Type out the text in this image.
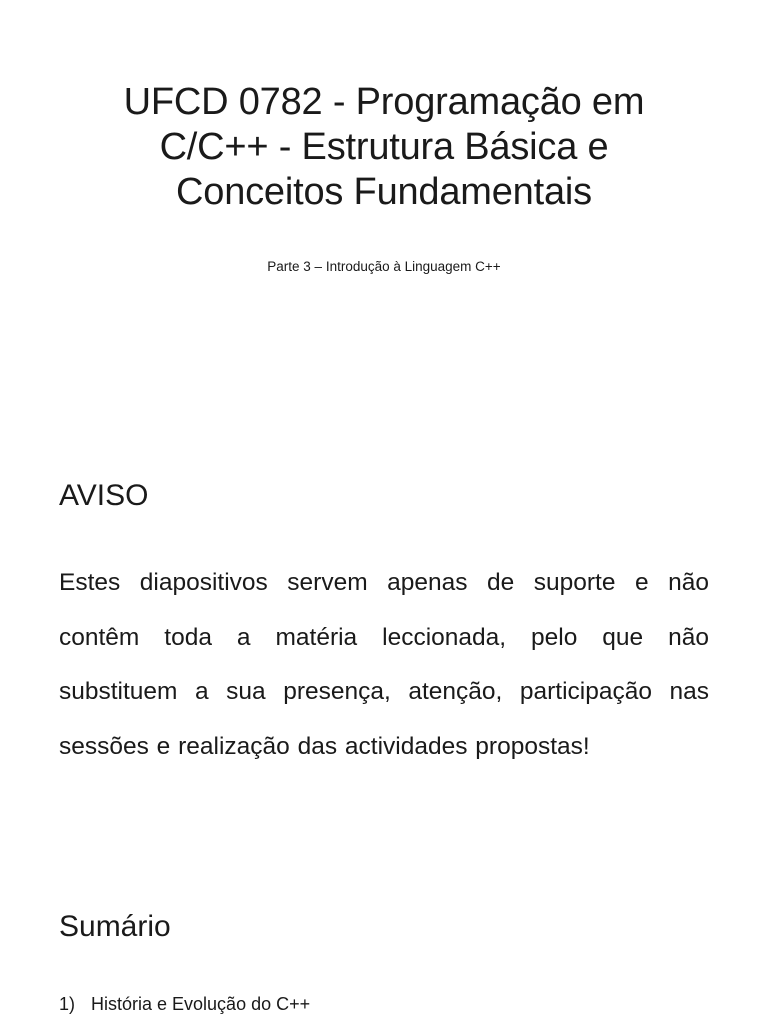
UFCD 0782 - Programação em
C/C++ - Estrutura Básica e
Conceitos Fundamentais

Parte 3 – Introdução à Linguagem C++

AVISO

Estes diapositivos servem apenas de suporte e não contêm toda a matéria leccionada, pelo que não substituem a sua presença, atenção, participação nas sessões e realização das actividades propostas!

Sumário
1) História e Evolução do C++
